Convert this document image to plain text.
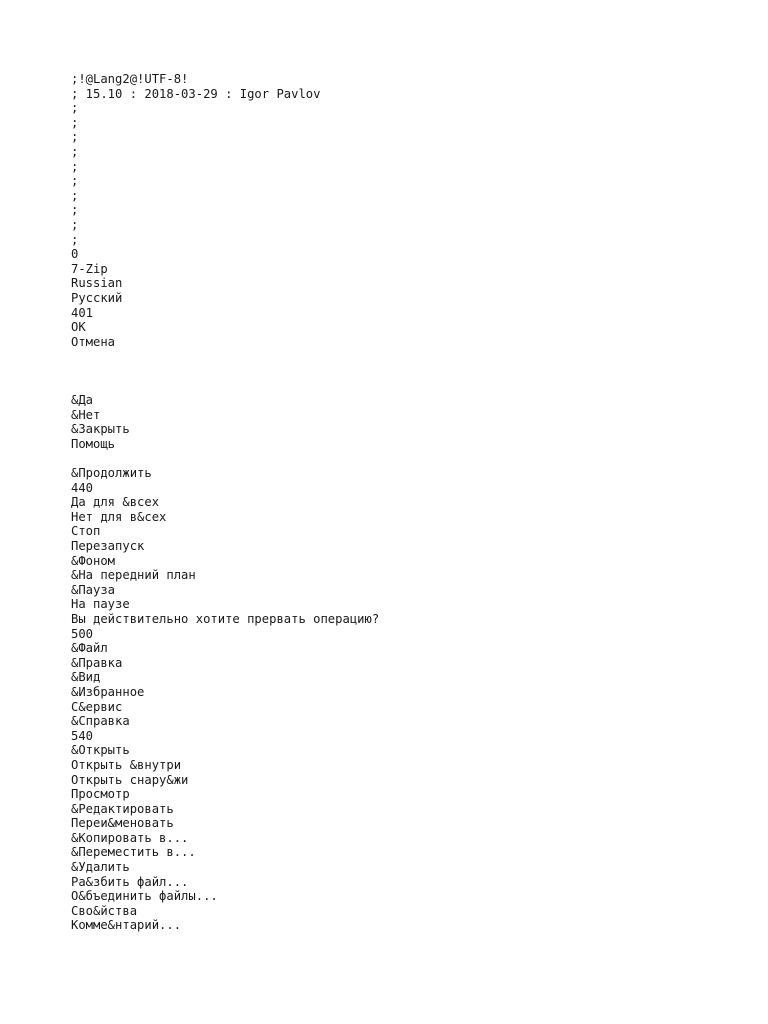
;!@Lang2@!UTF-8!
; 15.10 : 2018-03-29 : Igor Pavlov
;
;
;
;
;
;
;
;
;
;
0
7-Zip
Russian
Русский
401
OK
Отмена
&Да
&Нет
&Закрыть
Помощь
&Продолжить
440
Да для &всех
Нет для в&сех
Стоп
Перезапуск
&Фоном
&На передний план
&Пауза
На паузе
Вы действительно хотите прервать операцию?
500
&Файл
&Правка
&Вид
&Избранное
С&ервис
&Справка
540
&Открыть
Открыть &внутри
Открыть снару&жи
Просмотр
&Редактировать
Переи&меновать
&Копировать в...
&Переместить в...
&Удалить
Ра&збить файл...
О&бъединить файлы...
Сво&йства
Комме&нтарий...
